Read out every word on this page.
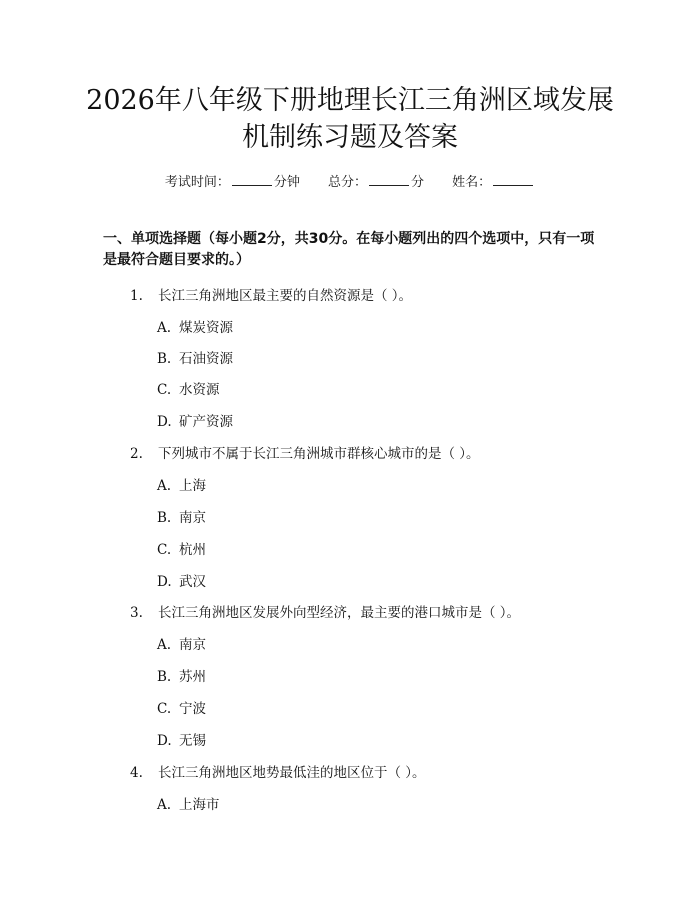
2026年八年级下册地理长江三角洲区域发展
机制练习题及答案
考试时间：	分钟 总分：	分 姓名：
一、单项选择题（每小题2分，共30分。在每小题列出的四个选项中，只有一项是最符合题目要求的。）
1. 长江三角洲地区最主要的自然资源是（ ）。
A. 煤炭资源
B. 石油资源
C. 水资源
D. 矿产资源
2. 下列城市不属于长江三角洲城市群核心城市的是（ ）。
A. 上海
B. 南京
C. 杭州
D. 武汉
3. 长江三角洲地区发展外向型经济，最主要的港口城市是（ ）。
A. 南京
B. 苏州
C. 宁波
D. 无锡
4. 长江三角洲地区地势最低洼的地区位于（ ）。
A. 上海市
